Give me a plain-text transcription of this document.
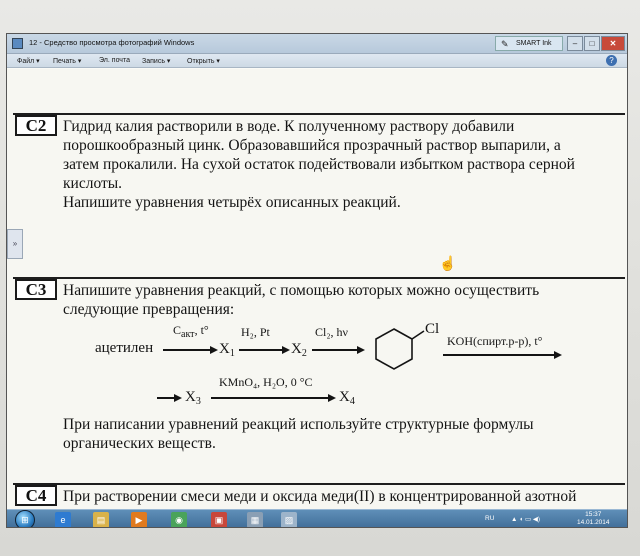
12 - Средство просмотра фотографий Windows	✎ SMART Ink	–	□	✕
Файл ▾ Печать ▾	Эл. почта Запись ▾ Открыть ▾	?
»
С2	Гидрид калия растворили в воде. К полученному раствору добавили
порошкообразный цинк. Образовавшийся прозрачный раствор выпарили, а
затем прокалили. На сухой остаток подействовали избытком раствора серной
кислоты.
Напишите уравнения четырёх описанных реакций.
☝
С3	Напишите уравнения реакций, с помощью которых можно осуществить
следующие превращения:
ацетилен
$C_{акт}$, t°
$X_1$
H₂, Pt
$X_2$
Cl₂, hν	Cl
KOH(спирт.р-р), t°
$X_3$
KMnO₄, H₂O, 0 °C
$X_4$
При написании уравнений реакций используйте структурные формулы
органических веществ.
С4	При растворении смеси меди и оксида меди(II) в концентрированной азотной
⊞	e	▤	▶	◉	▣	▦	▨	RU	▲ ◖ ▭ ◀)
15:37
14.01.2014
